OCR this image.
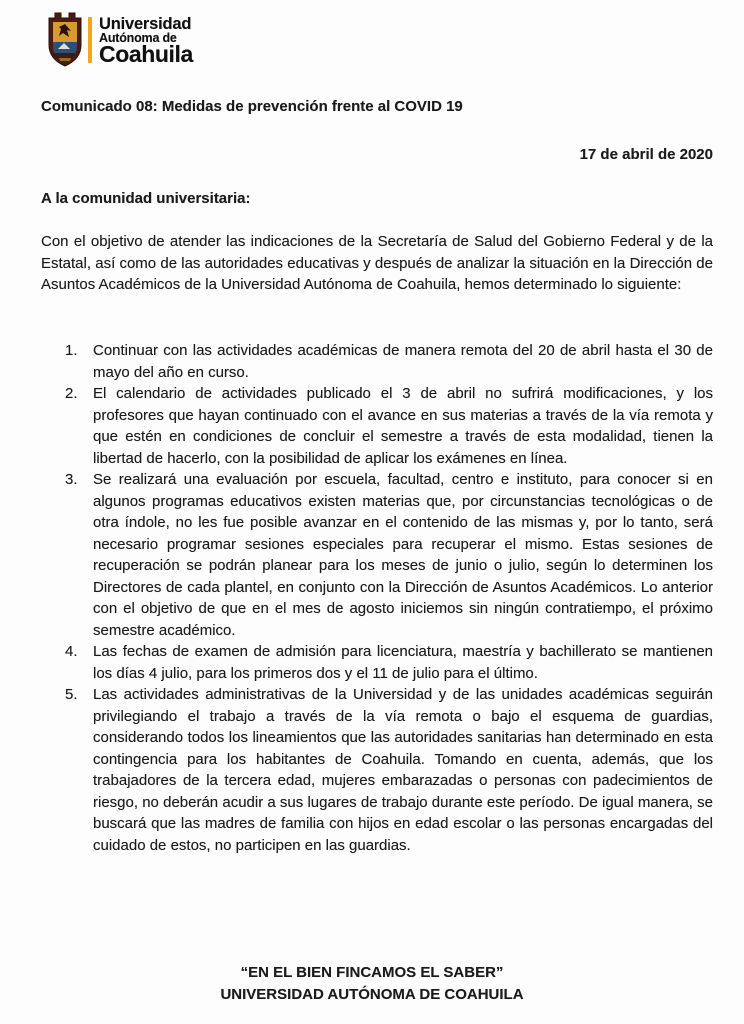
Universidad
Autónoma de
Coahuila
Comunicado 08: Medidas de prevención frente al COVID 19
17 de abril de 2020
A la comunidad universitaria:
Con el objetivo de atender las indicaciones de la Secretaría de Salud del Gobierno Federal y de la Estatal, así como de las autoridades educativas y después de analizar la situación en la Dirección de Asuntos Académicos de la Universidad Autónoma de Coahuila, hemos determinado lo siguiente:
1.	Continuar con las actividades académicas de manera remota del 20 de abril hasta el 30 de mayo del año en curso.
2.	El calendario de actividades publicado el 3 de abril no sufrirá modificaciones, y los profesores que hayan continuado con el avance en sus materias a través de la vía remota y que estén en condiciones de concluir el semestre a través de esta modalidad, tienen la libertad de hacerlo, con la posibilidad de aplicar los exámenes en línea.
3.	Se realizará una evaluación por escuela, facultad, centro e instituto, para conocer si en algunos programas educativos existen materias que, por circunstancias tecnológicas o de otra índole, no les fue posible avanzar en el contenido de las mismas y, por lo tanto, será necesario programar sesiones especiales para recuperar el mismo. Estas sesiones de recuperación se podrán planear para los meses de junio o julio, según lo determinen los Directores de cada plantel, en conjunto con la Dirección de Asuntos Académicos. Lo anterior con el objetivo de que en el mes de agosto iniciemos sin ningún contratiempo, el próximo semestre académico.
4.	Las fechas de examen de admisión para licenciatura, maestría y bachillerato se mantienen los días 4 julio, para los primeros dos y el 11 de julio para el último.
5.	Las actividades administrativas de la Universidad y de las unidades académicas seguirán privilegiando el trabajo a través de la vía remota o bajo el esquema de guardias, considerando todos los lineamientos que las autoridades sanitarias han determinado en esta contingencia para los habitantes de Coahuila. Tomando en cuenta, además, que los trabajadores de la tercera edad, mujeres embarazadas o personas con padecimientos de riesgo, no deberán acudir a sus lugares de trabajo durante este período. De igual manera, se buscará que las madres de familia con hijos en edad escolar o las personas encargadas del cuidado de estos, no participen en las guardias.
“EN EL BIEN FINCAMOS EL SABER”
UNIVERSIDAD AUTÓNOMA DE COAHUILA
